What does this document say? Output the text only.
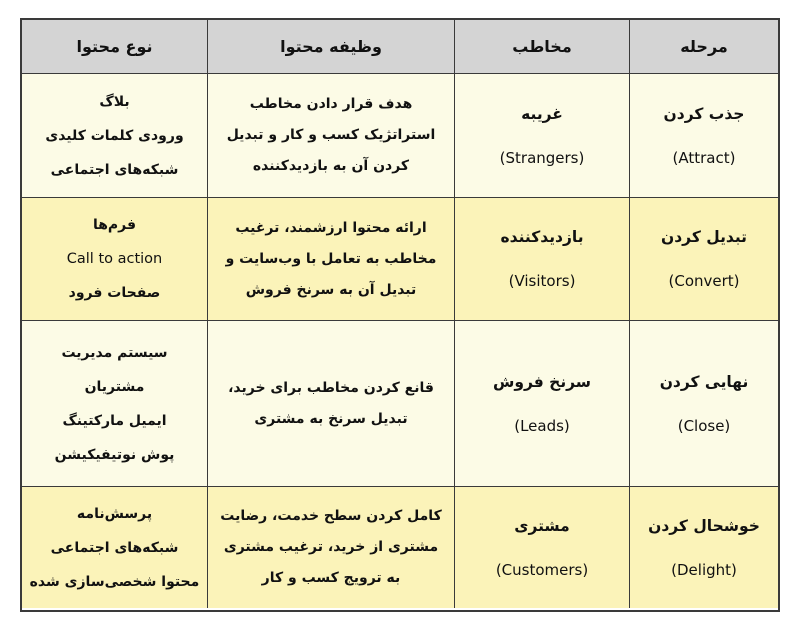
مرحله
مخاطب
وظیفه محتوا
نوع محتوا
جذب کردن
(Attract)
غریبه
(Strangers)
هدف قرار دادن مخاطب استراتژیک کسب و کار و تبدیل کردن آن به بازدیدکننده
بلاگ
ورودی کلمات کلیدی
شبکه‌های اجتماعی
تبدیل کردن
(Convert)
بازدیدکننده
(Visitors)
ارائه محتوا ارزشمند، ترغیب مخاطب به تعامل با وب‌سایت و تبدیل آن به سرنخ فروش
فرم‌ها
Call to action
صفحات فرود
نهایی کردن
(Close)
سرنخ فروش
(Leads)
قانع کردن مخاطب برای خرید، تبدیل سرنخ به مشتری
سیستم مدیریت
مشتریان
ایمیل مارکتینگ
پوش نوتیفیکیشن
خوشحال کردن
(Delight)
مشتری
(Customers)
کامل کردن سطح خدمت، رضایت مشتری از خرید، ترغیب مشتری به ترویج کسب و کار
پرسش‌نامه
شبکه‌های اجتماعی
محتوا شخصی‌سازی شده
